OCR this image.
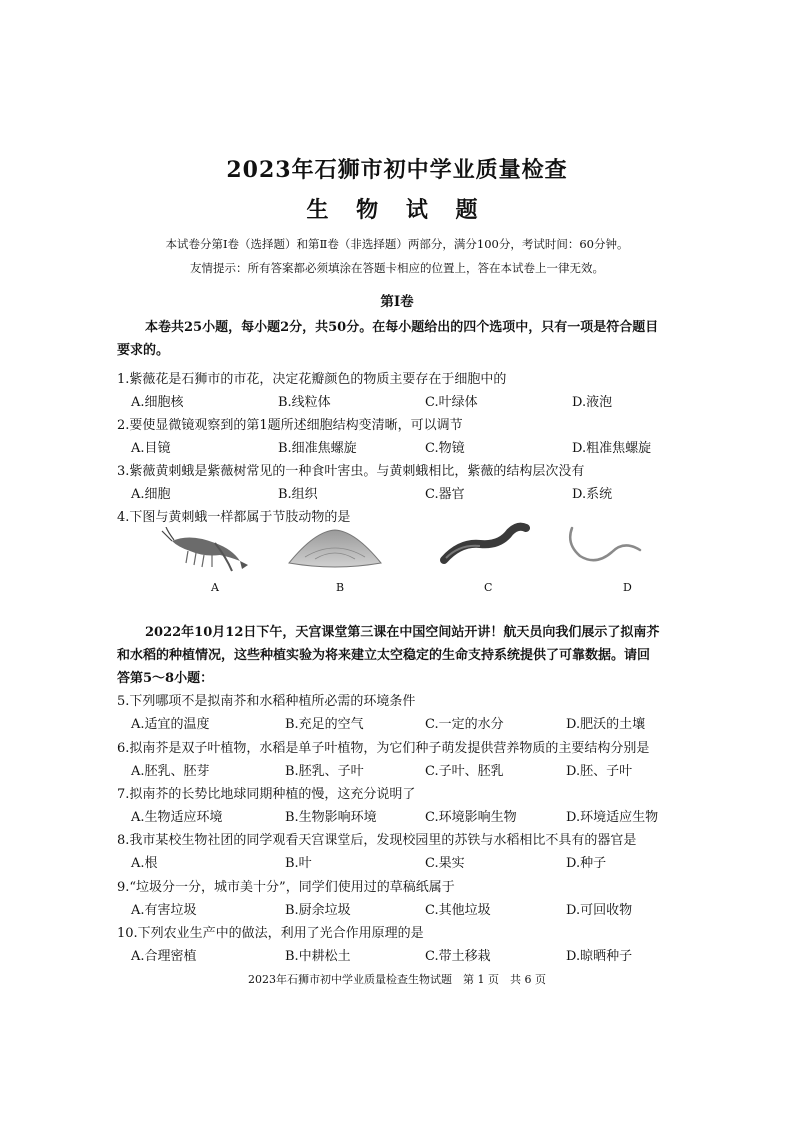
2023年石狮市初中学业质量检查
生 物 试 题
本试卷分第Ⅰ卷（选择题）和第Ⅱ卷（非选择题）两部分，满分100分，考试时间：60分钟。
友情提示：所有答案都必须填涂在答题卡相应的位置上，答在本试卷上一律无效。
第Ⅰ卷
本卷共25小题，每小题2分，共50分。在每小题给出的四个选项中，只有一项是符合题目要求的。
1.紫薇花是石狮市的市花，决定花瓣颜色的物质主要存在于细胞中的
A.细胞核	B.线粒体	C.叶绿体	D.液泡
2.要使显微镜观察到的第1题所述细胞结构变清晰，可以调节
A.目镜	B.细准焦螺旋	C.物镜	D.粗准焦螺旋
3.紫薇黄刺蛾是紫薇树常见的一种食叶害虫。与黄刺蛾相比，紫薇的结构层次没有
A.细胞	B.组织	C.器官	D.系统
4.下图与黄刺蛾一样都属于节肢动物的是
A	B	C	D
2022年10月12日下午，天宫课堂第三课在中国空间站开讲！航天员向我们展示了拟南芥和水稻的种植情况，这些种植实验为将来建立太空稳定的生命支持系统提供了可靠数据。请回答第5～8小题：
5.下列哪项不是拟南芥和水稻种植所必需的环境条件
A.适宜的温度	B.充足的空气	C.一定的水分	D.肥沃的土壤
6.拟南芥是双子叶植物，水稻是单子叶植物，为它们种子萌发提供营养物质的主要结构分别是
A.胚乳、胚芽	B.胚乳、子叶	C.子叶、胚乳	D.胚、子叶
7.拟南芥的长势比地球同期种植的慢，这充分说明了
A.生物适应环境	B.生物影响环境	C.环境影响生物	D.环境适应生物
8.我市某校生物社团的同学观看天宫课堂后，发现校园里的苏铁与水稻相比不具有的器官是
A.根	B.叶	C.果实	D.种子
9.“垃圾分一分，城市美十分”，同学们使用过的草稿纸属于
A.有害垃圾	B.厨余垃圾	C.其他垃圾	D.可回收物
10.下列农业生产中的做法，利用了光合作用原理的是
A.合理密植	B.中耕松土	C.带土移栽	D.晾晒种子
2023年石狮市初中学业质量检查生物试题　第 1 页　共 6 页
